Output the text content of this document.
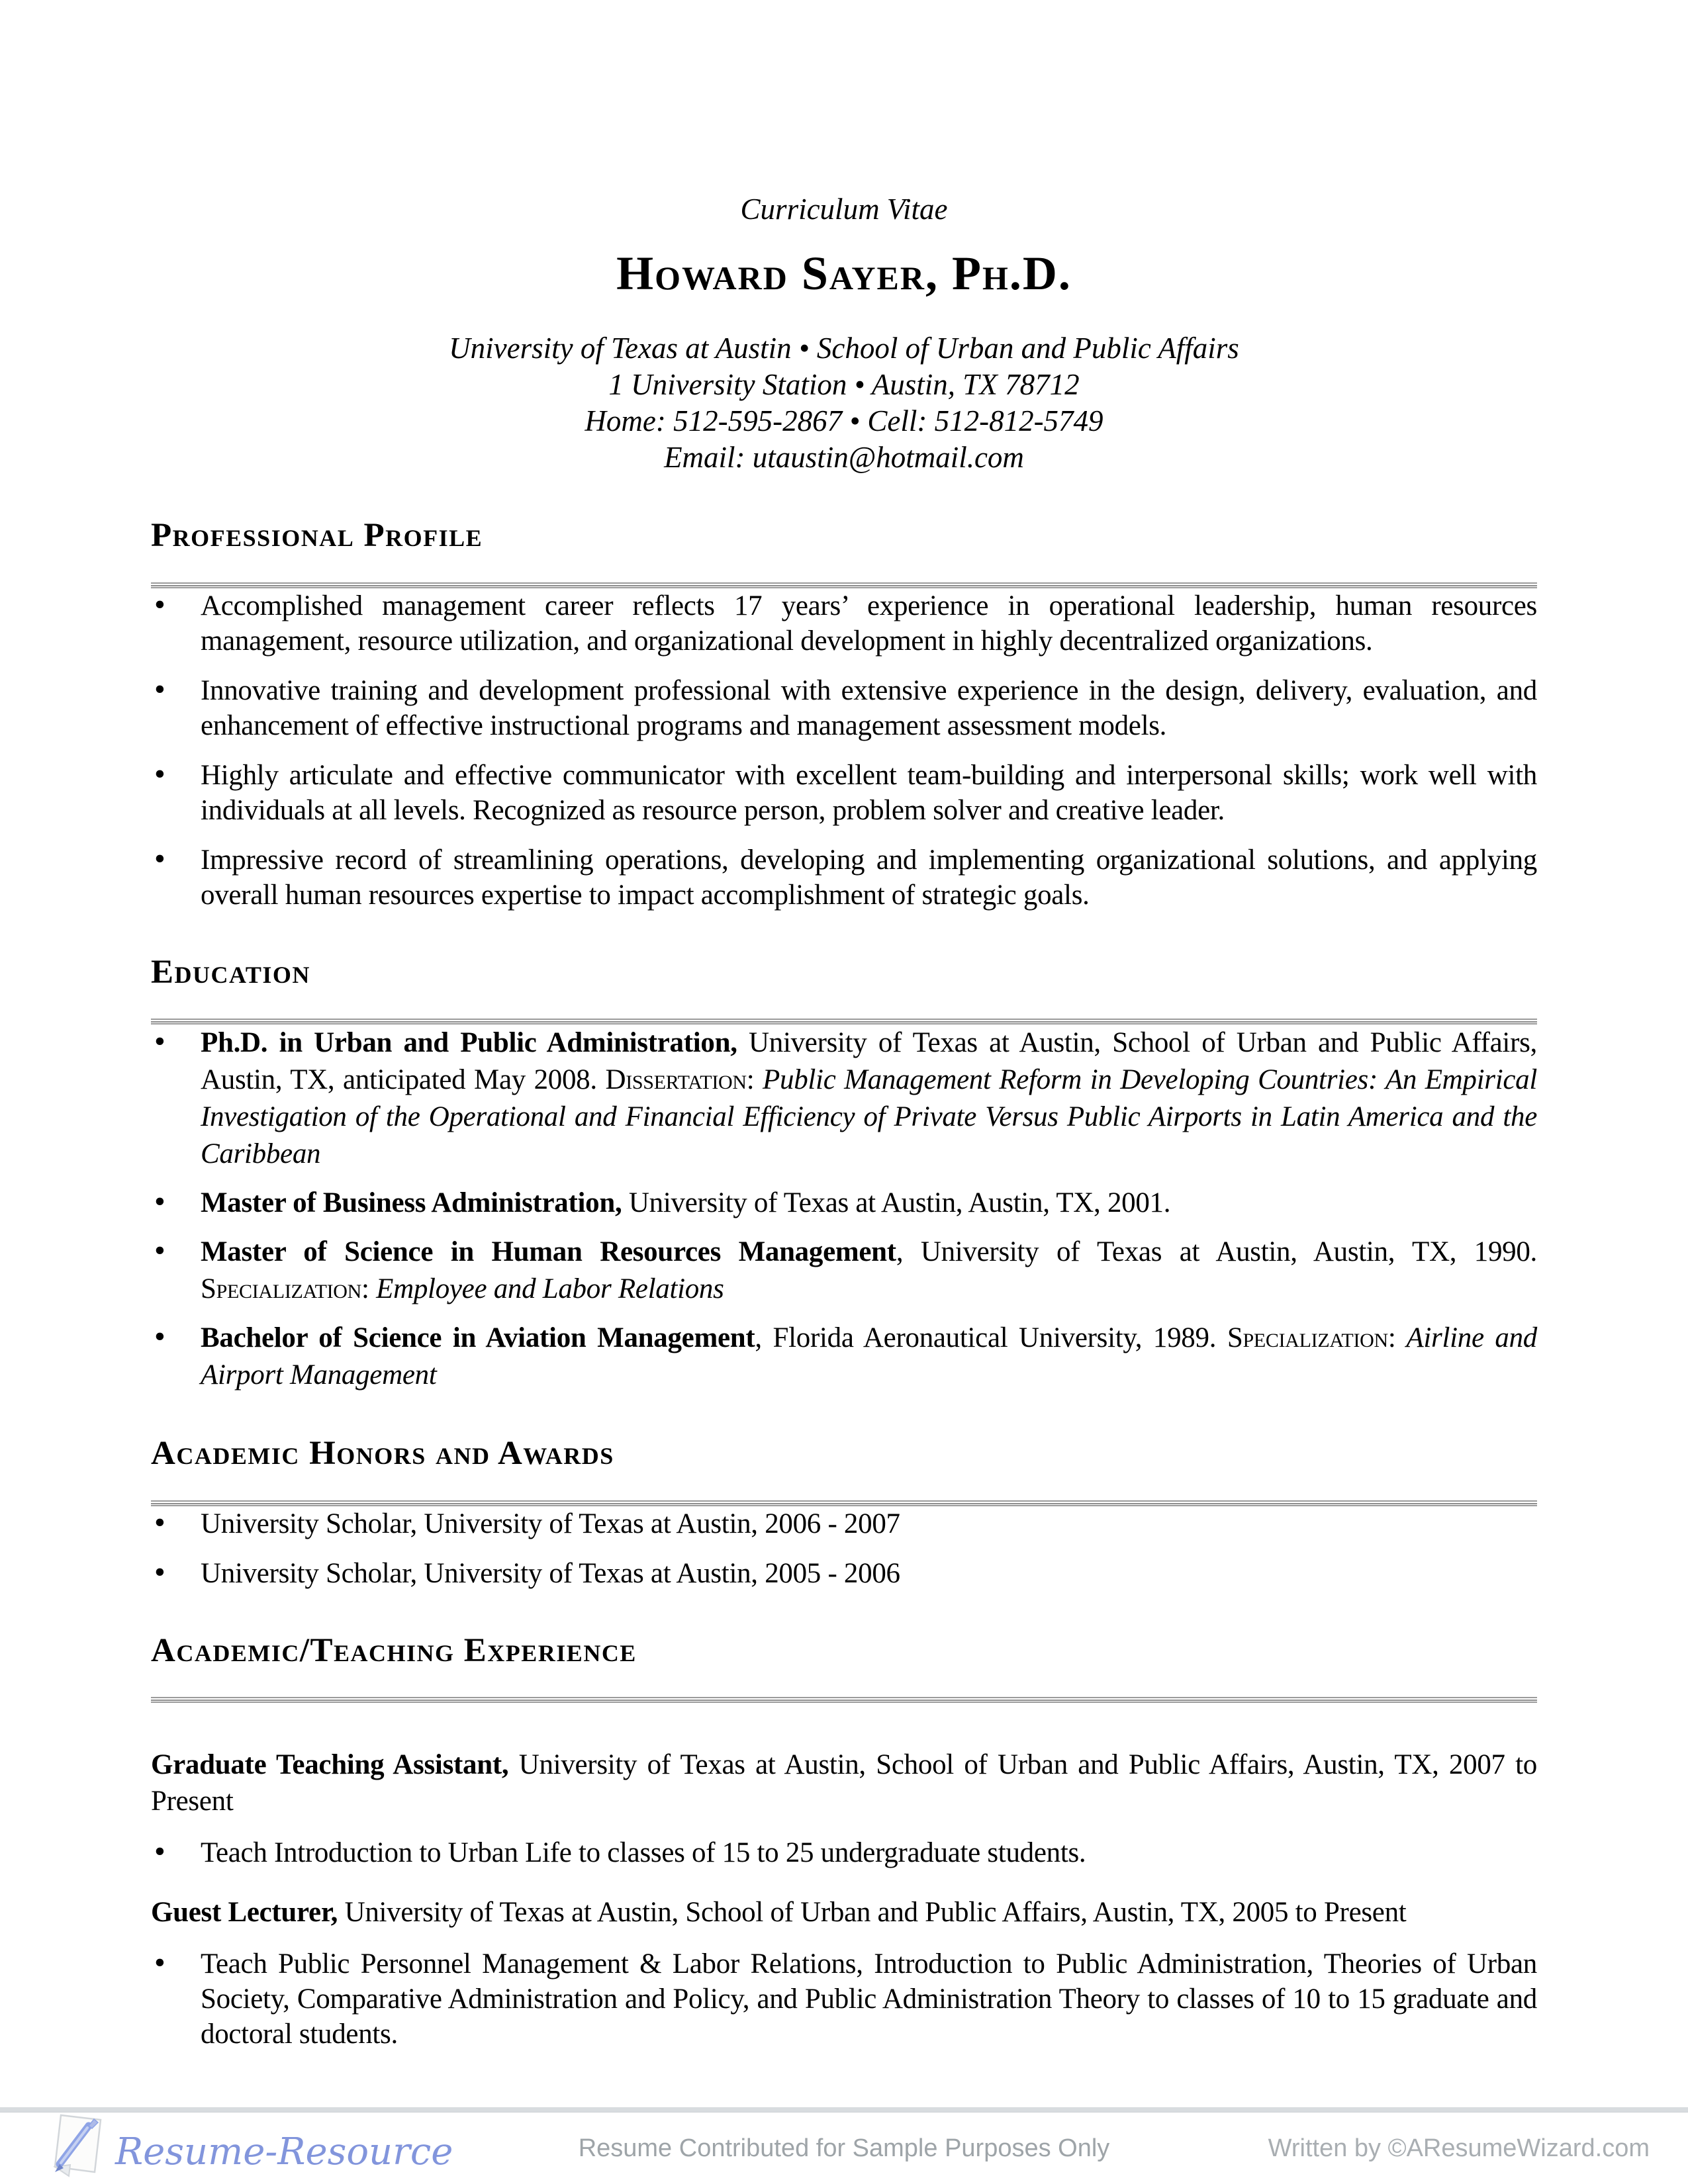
Curriculum Vitae
Howard Sayer, Ph.D.
University of Texas at Austin • School of Urban and Public Affairs
1 University Station • Austin, TX 78712
Home: 512-595-2867 • Cell: 512-812-5749
Email: utaustin@hotmail.com
Professional Profile
• Accomplished management career reflects 17 years’ experience in operational leadership, human resources management, resource utilization, and organizational development in highly decentralized organizations.
• Innovative training and development professional with extensive experience in the design, delivery, evaluation, and enhancement of effective instructional programs and management assessment models.
• Highly articulate and effective communicator with excellent team-building and interpersonal skills; work well with individuals at all levels. Recognized as resource person, problem solver and creative leader.
• Impressive record of streamlining operations, developing and implementing organizational solutions, and applying overall human resources expertise to impact accomplishment of strategic goals.
Education
• Ph.D. in Urban and Public Administration, University of Texas at Austin, School of Urban and Public Affairs, Austin, TX, anticipated May 2008. Dissertation: Public Management Reform in Developing Countries: An Empirical Investigation of the Operational and Financial Efficiency of Private Versus Public Airports in Latin America and the Caribbean
• Master of Business Administration, University of Texas at Austin, Austin, TX, 2001.
• Master of Science in Human Resources Management, University of Texas at Austin, Austin, TX, 1990. Specialization: Employee and Labor Relations
• Bachelor of Science in Aviation Management, Florida Aeronautical University, 1989. Specialization: Airline and Airport Management
Academic Honors and Awards
• University Scholar, University of Texas at Austin, 2006 - 2007
• University Scholar, University of Texas at Austin, 2005 - 2006
Academic/Teaching Experience

Graduate Teaching Assistant, University of Texas at Austin, School of Urban and Public Affairs, Austin, TX, 2007 to Present

• Teach Introduction to Urban Life to classes of 15 to 25 undergraduate students.

Guest Lecturer, University of Texas at Austin, School of Urban and Public Affairs, Austin, TX, 2005 to Present

• Teach Public Personnel Management & Labor Relations, Introduction to Public Administration, Theories of Urban Society, Comparative Administration and Policy, and Public Administration Theory to classes of 10 to 15 graduate and doctoral students.
Resume-Resource	Resume Contributed for Sample Purposes Only	Written by ©AResumeWizard.com
